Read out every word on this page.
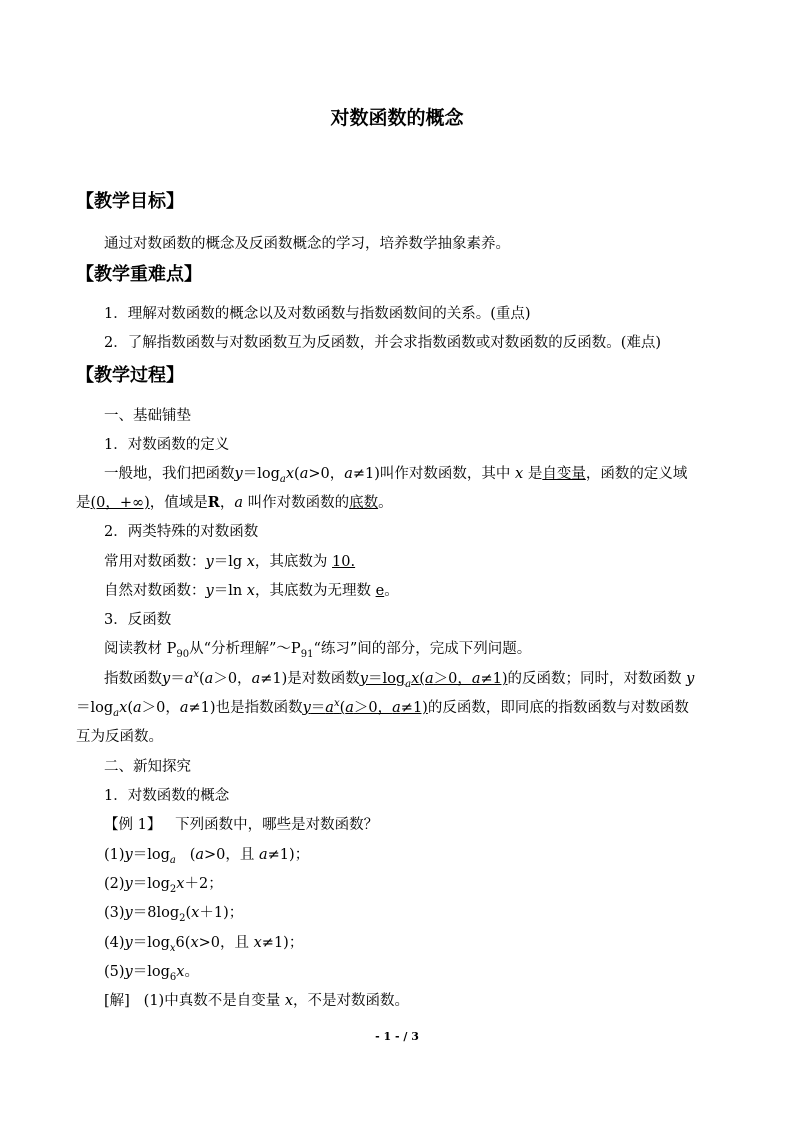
对数函数的概念
【教学目标】
通过对数函数的概念及反函数概念的学习，培养数学抽象素养。
【教学重难点】
1．理解对数函数的概念以及对数函数与指数函数间的关系。(重点)
2．了解指数函数与对数函数互为反函数，并会求指数函数或对数函数的反函数。(难点)
【教学过程】
一、基础铺垫
1．对数函数的定义
一般地，我们把函数$y=\log_ax(a>0$，a≠1)叫作对数函数，其中 x 是自变量，函数的定义域
是(0，+∞)，值域是R，a 叫作对数函数的底数。
2．两类特殊的对数函数
常用对数函数：y＝lg x，其底数为 10.
自然对数函数：y＝ln x，其底数为无理数 e。
3．反函数
阅读教材 $P_{90}$从“分析理解$”\sim P_{91}“$练习”间的部分，完成下列问题。
指数函数$y=a^x(a>0$，a≠1)是对数函数$y=\log_ax(a>0$，a≠1)的反函数；同时，对数函数 y
$=\log_ax(a>0$，a≠1)也是指数函数$y=a^x(a>0$，a≠1)的反函数，即同底的指数函数与对数函数
互为反函数。
二、新知探究
1．对数函数的概念
【例 1】 下列函数中，哪些是对数函数？
$(1)y=\log_a$   (a>0，且 a≠1)；
$(2)y=\log_2x+2$；
$(3)y=8\log_2(x+1)$；
$(4)y=\log_x6(x>0$，且 x≠1)；
$(5)y=\log_6x$。
[解] (1)中真数不是自变量 x，不是对数函数。
- 1 - / 3
